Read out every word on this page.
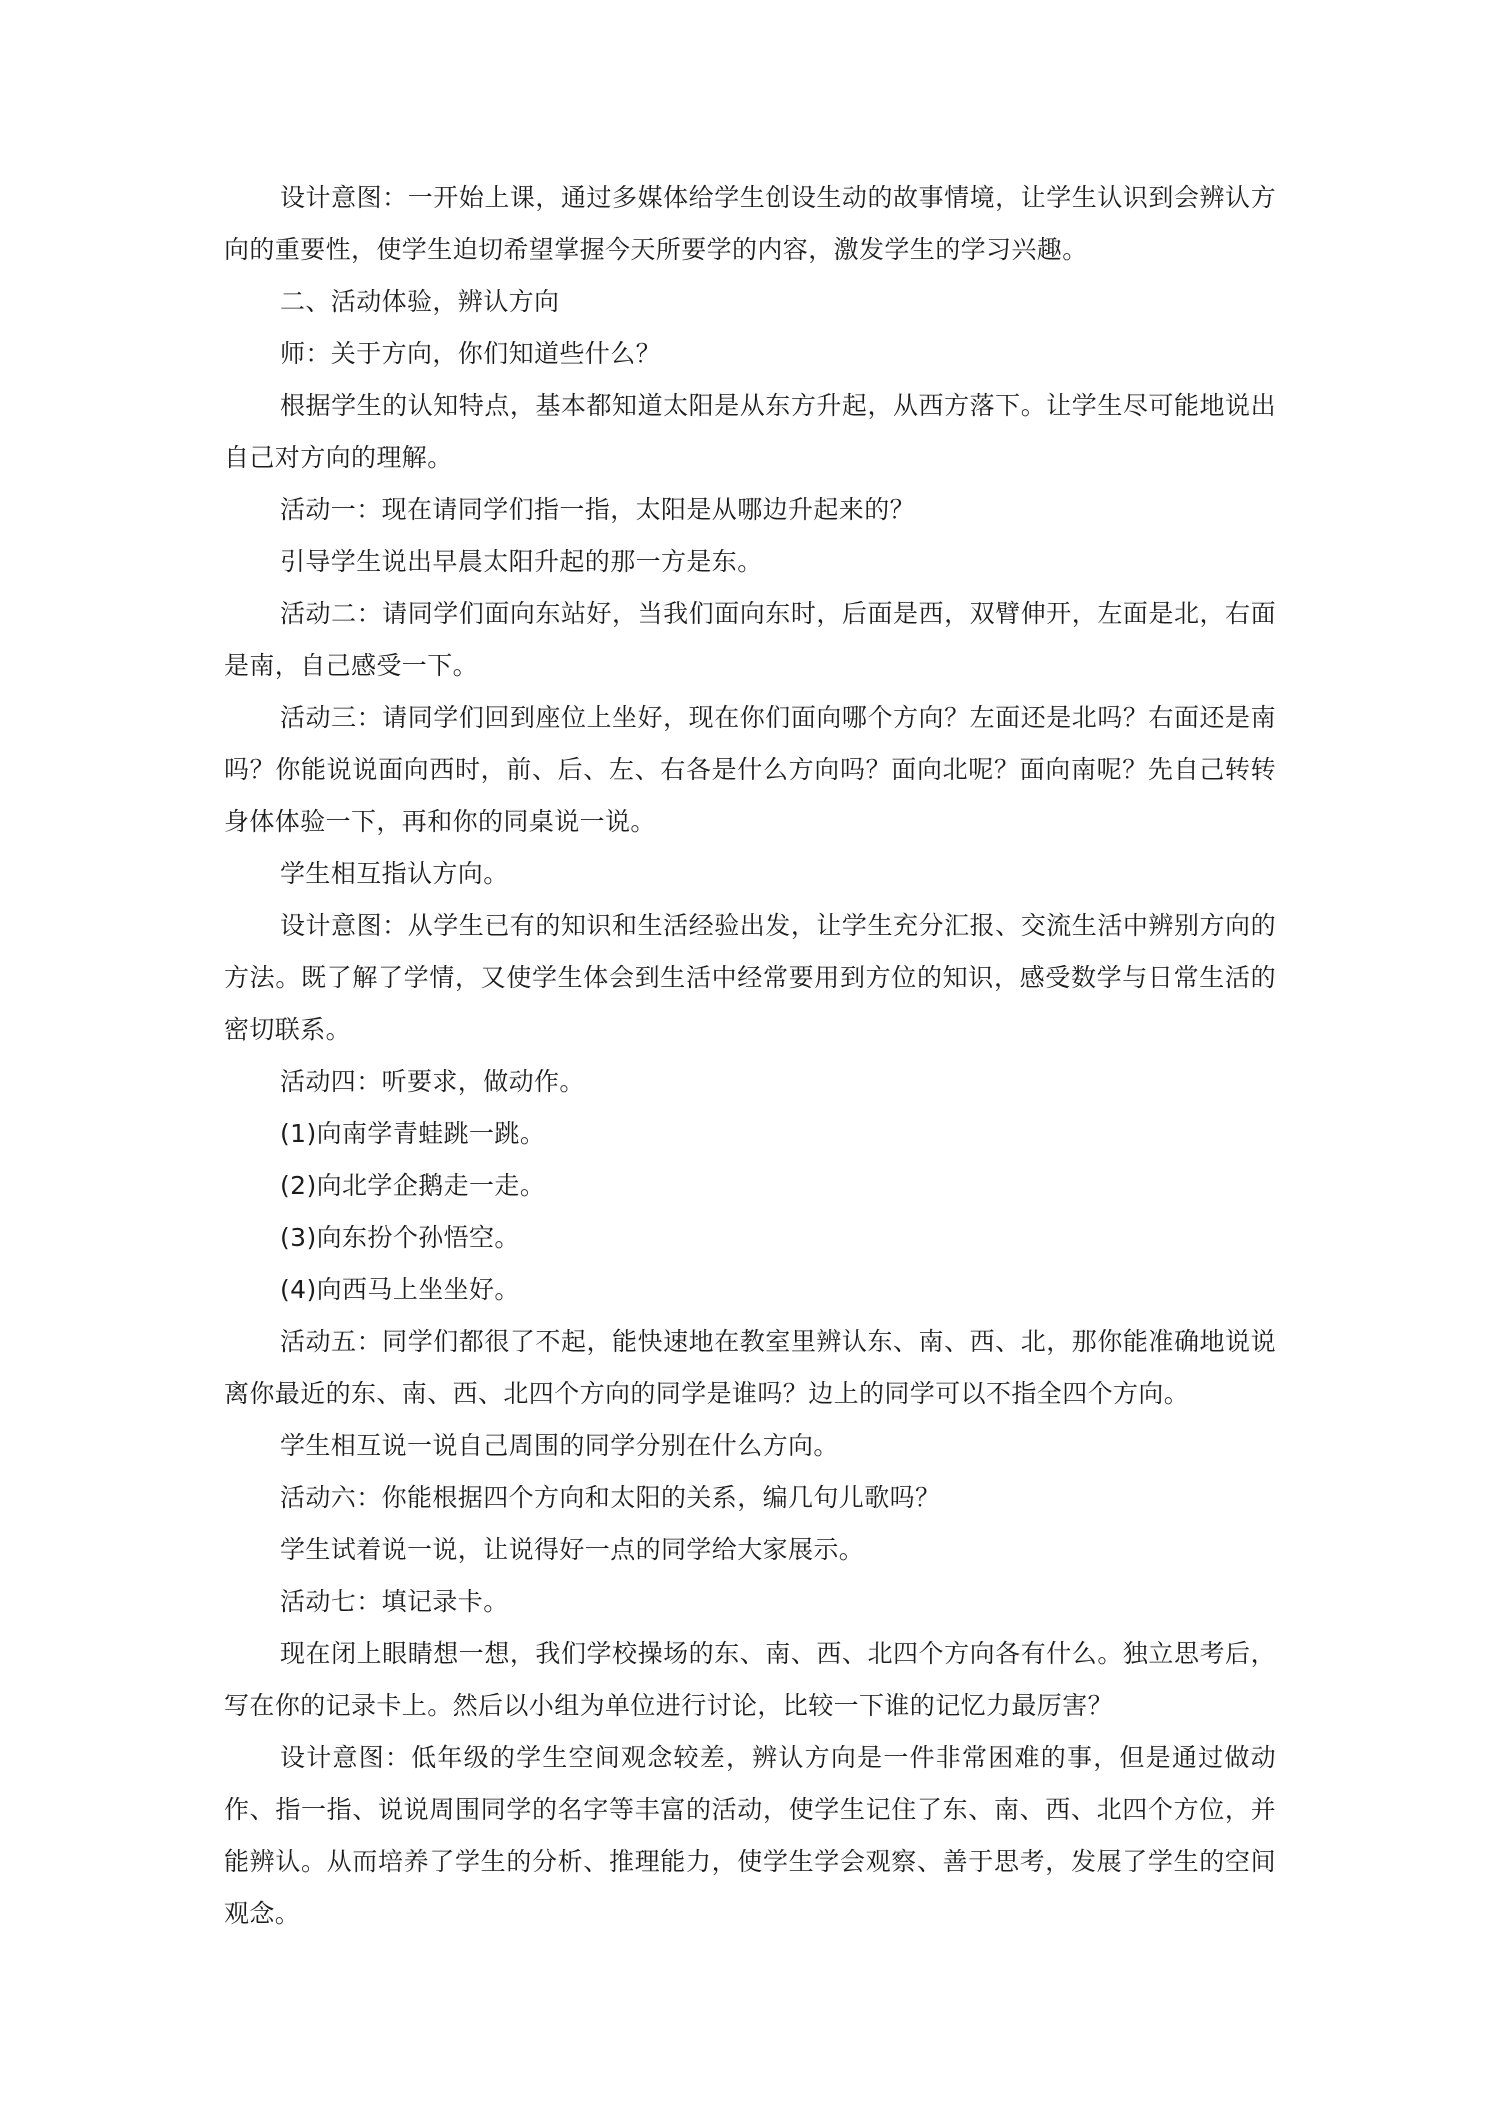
设计意图：一开始上课，通过多媒体给学生创设生动的故事情境，让学生认识到会辨认方向的重要性，使学生迫切希望掌握今天所要学的内容，激发学生的学习兴趣。

二、活动体验，辨认方向

师：关于方向，你们知道些什么？

根据学生的认知特点，基本都知道太阳是从东方升起，从西方落下。让学生尽可能地说出自己对方向的理解。

活动一：现在请同学们指一指，太阳是从哪边升起来的？

引导学生说出早晨太阳升起的那一方是东。

活动二：请同学们面向东站好，当我们面向东时，后面是西，双臂伸开，左面是北，右面是南，自己感受一下。

活动三：请同学们回到座位上坐好，现在你们面向哪个方向？左面还是北吗？右面还是南吗？你能说说面向西时，前、后、左、右各是什么方向吗？面向北呢？面向南呢？先自己转转身体体验一下，再和你的同桌说一说。

学生相互指认方向。

设计意图：从学生已有的知识和生活经验出发，让学生充分汇报、交流生活中辨别方向的方法。既了解了学情，又使学生体会到生活中经常要用到方位的知识，感受数学与日常生活的密切联系。

活动四：听要求，做动作。

(1)向南学青蛙跳一跳。

(2)向北学企鹅走一走。

(3)向东扮个孙悟空。

(4)向西马上坐坐好。

活动五：同学们都很了不起，能快速地在教室里辨认东、南、西、北，那你能准确地说说离你最近的东、南、西、北四个方向的同学是谁吗？边上的同学可以不指全四个方向。

学生相互说一说自己周围的同学分别在什么方向。

活动六：你能根据四个方向和太阳的关系，编几句儿歌吗？

学生试着说一说，让说得好一点的同学给大家展示。

活动七：填记录卡。

现在闭上眼睛想一想，我们学校操场的东、南、西、北四个方向各有什么。独立思考后，写在你的记录卡上。然后以小组为单位进行讨论，比较一下谁的记忆力最厉害？

设计意图：低年级的学生空间观念较差，辨认方向是一件非常困难的事，但是通过做动作、指一指、说说周围同学的名字等丰富的活动，使学生记住了东、南、西、北四个方位，并能辨认。从而培养了学生的分析、推理能力，使学生学会观察、善于思考，发展了学生的空间观念。
